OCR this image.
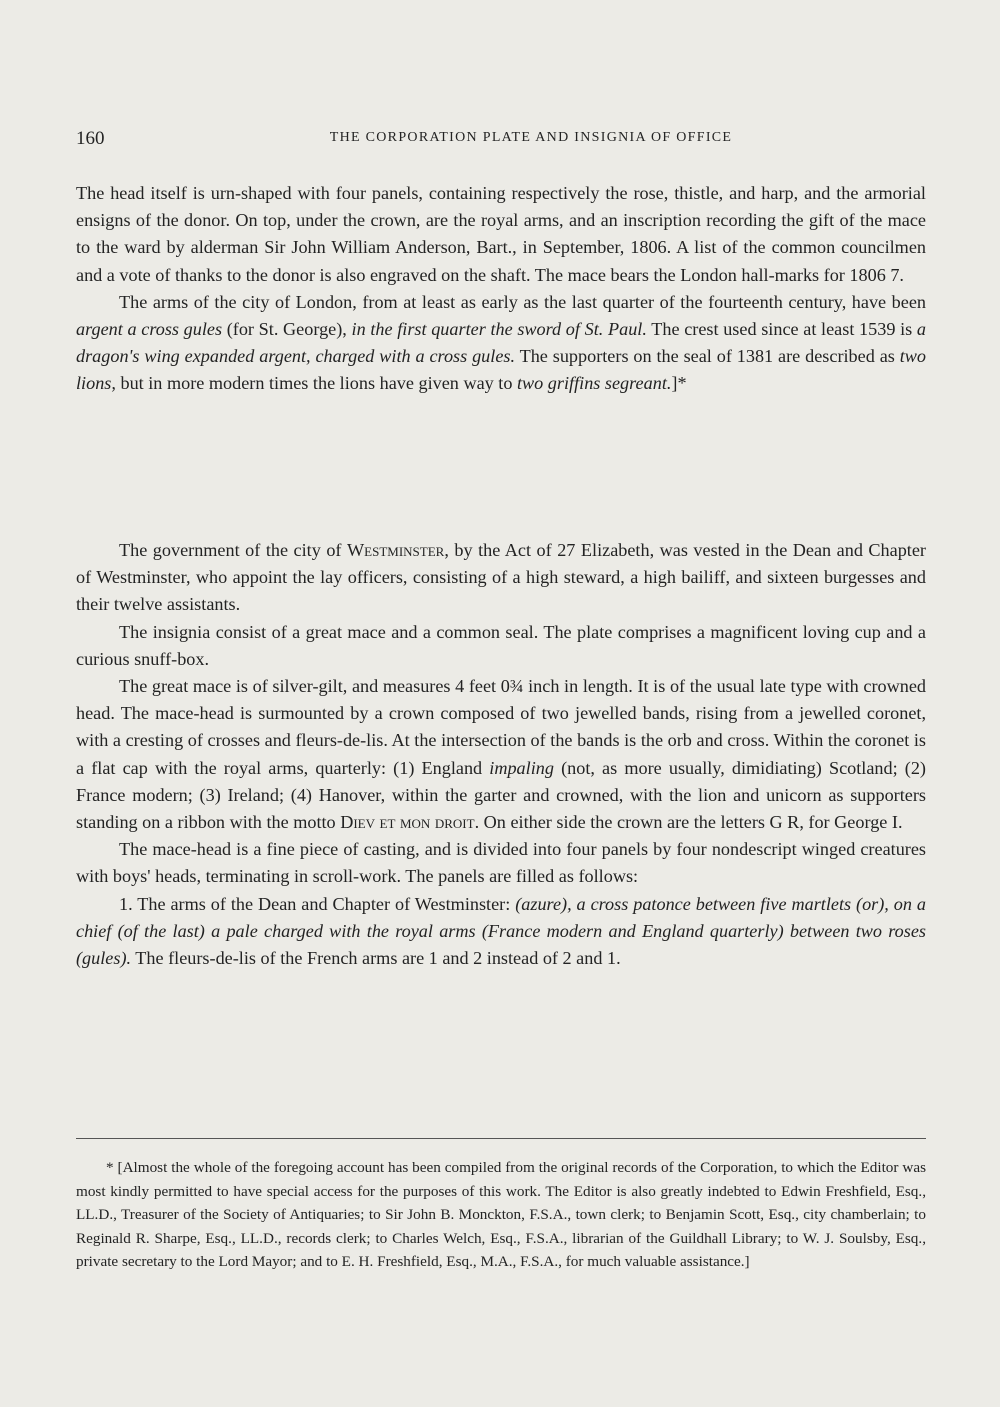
160	THE CORPORATION PLATE AND INSIGNIA OF OFFICE

The head itself is urn-shaped with four panels, containing respectively the rose, thistle, and harp, and the armorial ensigns of the donor. On top, under the crown, are the royal arms, and an inscription recording the gift of the mace to the ward by alderman Sir John William Anderson, Bart., in September, 1806. A list of the common councilmen and a vote of thanks to the donor is also engraved on the shaft. The mace bears the London hall-marks for 1806 7.

The arms of the city of London, from at least as early as the last quarter of the fourteenth century, have been argent a cross gules (for St. George), in the first quarter the sword of St. Paul. The crest used since at least 1539 is a dragon's wing expanded argent, charged with a cross gules. The supporters on the seal of 1381 are described as two lions, but in more modern times the lions have given way to two griffins segreant.]*

The government of the city of Westminster, by the Act of 27 Elizabeth, was vested in the Dean and Chapter of Westminster, who appoint the lay officers, consisting of a high steward, a high bailiff, and sixteen burgesses and their twelve assistants.

The insignia consist of a great mace and a common seal. The plate comprises a magnificent loving cup and a curious snuff-box.

The great mace is of silver-gilt, and measures 4 feet 0¾ inch in length. It is of the usual late type with crowned head. The mace-head is surmounted by a crown composed of two jewelled bands, rising from a jewelled coronet, with a cresting of crosses and fleurs-de-lis. At the intersection of the bands is the orb and cross. Within the coronet is a flat cap with the royal arms, quarterly: (1) England impaling (not, as more usually, dimidiating) Scotland; (2) France modern; (3) Ireland; (4) Hanover, within the garter and crowned, with the lion and unicorn as supporters standing on a ribbon with the motto Diev et mon droit. On either side the crown are the letters G R, for George I.

The mace-head is a fine piece of casting, and is divided into four panels by four nondescript winged creatures with boys' heads, terminating in scroll-work. The panels are filled as follows:

1. The arms of the Dean and Chapter of Westminster: (azure), a cross patonce between five martlets (or), on a chief (of the last) a pale charged with the royal arms (France modern and England quarterly) between two roses (gules). The fleurs-de-lis of the French arms are 1 and 2 instead of 2 and 1.

* [Almost the whole of the foregoing account has been compiled from the original records of the Corporation, to which the Editor was most kindly permitted to have special access for the purposes of this work. The Editor is also greatly indebted to Edwin Freshfield, Esq., LL.D., Treasurer of the Society of Antiquaries; to Sir John B. Monckton, F.S.A., town clerk; to Benjamin Scott, Esq., city chamberlain; to Reginald R. Sharpe, Esq., LL.D., records clerk; to Charles Welch, Esq., F.S.A., librarian of the Guildhall Library; to W. J. Soulsby, Esq., private secretary to the Lord Mayor; and to E. H. Freshfield, Esq., M.A., F.S.A., for much valuable assistance.]
